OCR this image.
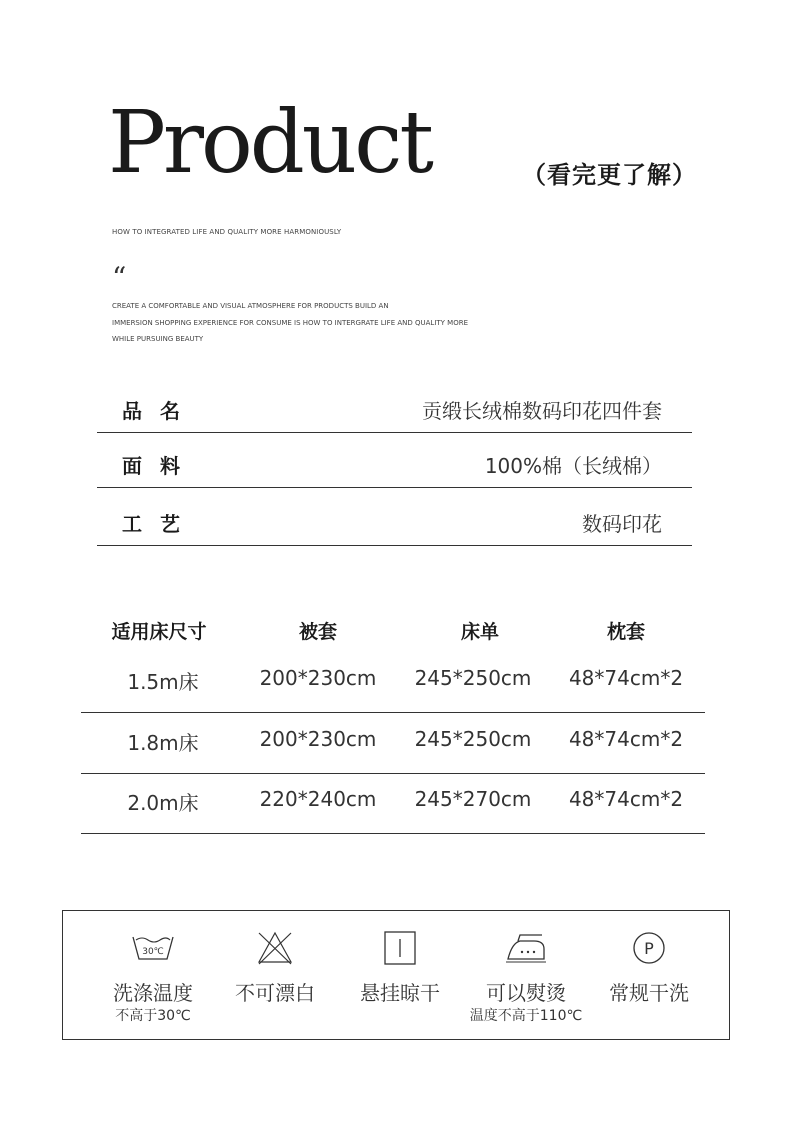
Product	（看完更了解）
HOW TO INTEGRATED LIFE AND QUALITY MORE HARMONIOUSLY
“
CREATE A COMFORTABLE AND VISUAL ATMOSPHERE FOR PRODUCTS BUILD AN
IMMERSION SHOPPING EXPERIENCE FOR CONSUME IS HOW TO INTERGRATE LIFE AND QUALITY MORE
WHILE PURSUING BEAUTY
品名	贡缎长绒棉数码印花四件套
面料	100%棉（长绒棉）
工艺	数码印花
适用床尺寸	被套	床单	枕套
1.5m床	200*230cm	245*250cm	48*74cm*2
1.8m床	200*230cm	245*250cm	48*74cm*2
2.0m床	220*240cm	245*270cm	48*74cm*2
30℃
洗涤温度
不高于30℃
不可漂白	悬挂晾干	可以熨烫
温度不高于110℃
P
常规干洗
